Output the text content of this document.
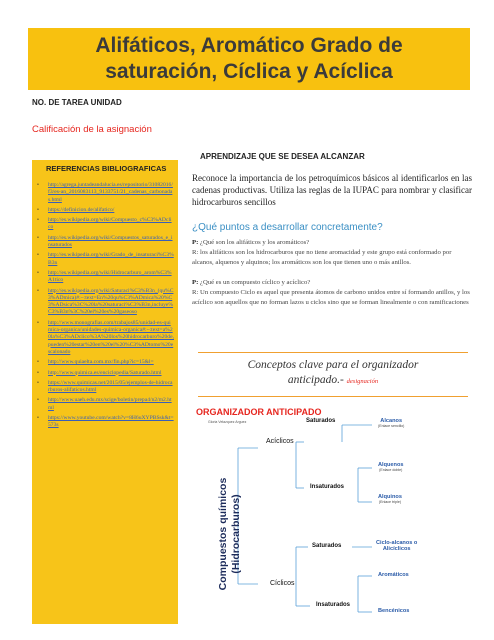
Alifáticos, Aromático Grado de
saturación, Cíclica y Acíclica
NO. DE TAREA UNIDAD
Calificación de la asignación
REFERENCIAS BIBLIOGRAFICAS
• http://agrega.juntadeandalucia.es/repositorio/31082016/f3/es-an_2016083113_9133751/21_cadenas_carbonadas.html
• https://definicion.de/alifatico/
• http://es.wikipedia.org/wiki/Compuesto_c%C3%ADclico
• http://es.wikipedia.org/wiki/Compuestos_saturados_e_insaturados
• http://es.wikipedia.org/wiki/Grado_de_insaturaci%C3%B3n
• http://es.wikipedia.org/wiki/Hidrocarburo_arom%C3%A1tico
• http://es.wikipedia.org/wiki/Saturaci%C3%B3n_(qu%C3%ADmica)#:~:text=En%20qu%C3%ADmica%20%C3%ADsica%3C%20la%20saturaci%C3%B3n,incluye%C3%B3n%3C%20el%20es%20gaseoso
• http://www.monografias.com/trabajos85/unidad-es-quimica-organica/unidades-quimica-organica#:~:text=a%20la%C3%ADclico%3A%20los%20hidrocarburo%20de,pueden%20estar%20en%20el%20%C3%ADtomo%20escalonado
• http://www.quiaelta.com.mx/fin.php?ic=15&l=
• http://www.quimica.es/enciclopedia/Saturado.html
• https://www.quimicas.net/2015/05/ejemplos-de-hidrocarburos-alifaticos.html
• http://www.uaeh.edu.mx/scige/boletin/prepa4/n2/m2.html
• https://www.youtube.com/watch?v=8H6uXYPBSsk&t=573s
APRENDIZAJE QUE SE DESEA ALCANZAR
Reconoce la importancia de los petroquímicos básicos al identificarlos en las cadenas productivas. Utiliza las reglas de la IUPAC para nombrar y clasificar hidrocarburos sencillos
¿Qué puntos a desarrollar concretamente?

P: ¿Qué son los alifáticos y los aromáticos?

R: los alifáticos son los hidrocarburos que no tiene aromacidad y este grupo está conformado por alcanos, alquenos y alquinos; los aromáticos son los que tienen uno o más anillos.

P: ¿Qué es un compuesto cíclico y acíclico?

R: Un compuesto Ciclo es aquel que presenta átomos de carbono unidos entre sí formando anillos, y los acíclico son aquellos que no forman lazos u ciclos sino que se forman linealmente o con ramificaciones

Conceptos clave para el organizador
anticipado.- designación
ORGANIZADOR ANTICIPADO
Gloria Velazquez Arguez
Compuestos químicos (Hidrocarburos)
Acíclicos
Cíclicos
Saturados
Insaturados
Saturados
Insaturados
Alcanos
(Enlace sencillo)
Alquenos
(Enlace doble)
Alquinos
(Enlace triple)
Ciclo-alcanos o
Alicíclicos
Aromáticos
Bencénicos
